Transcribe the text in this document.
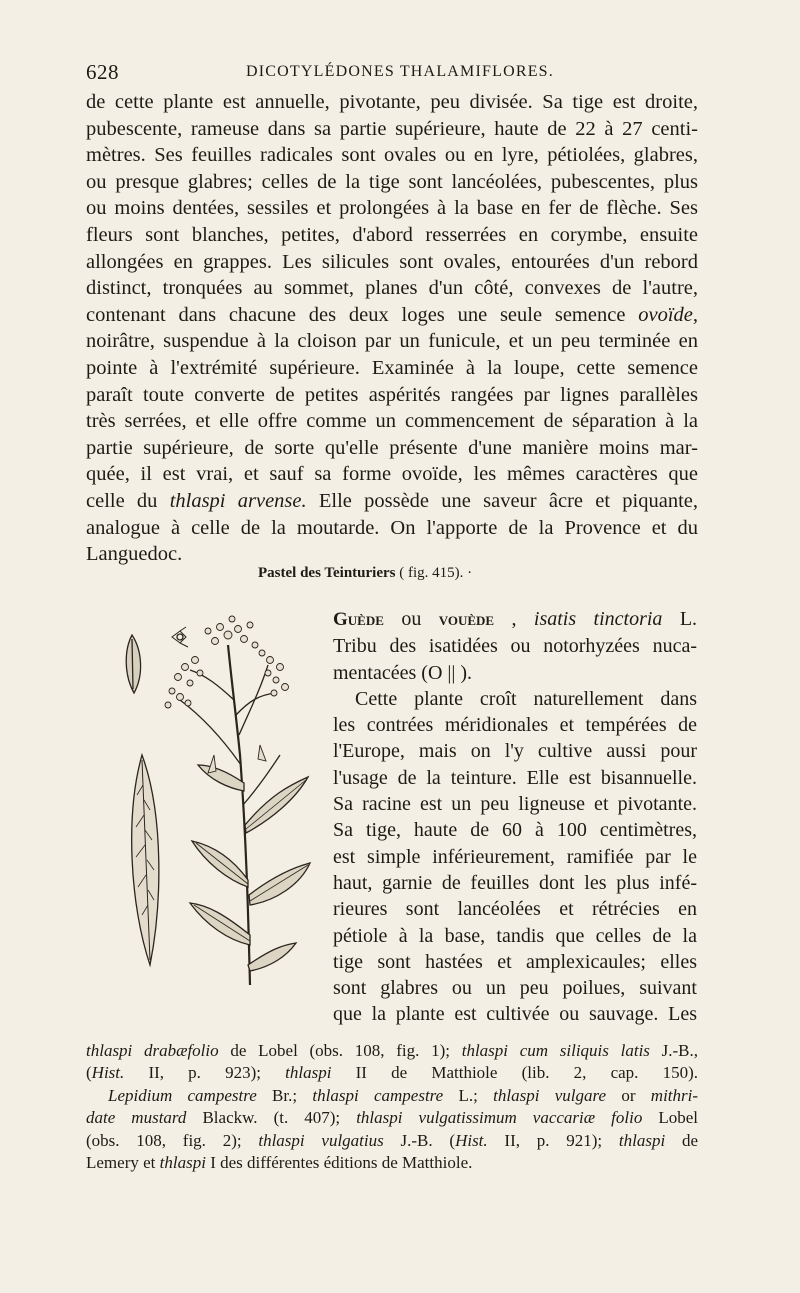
628	DICOTYLÉDONES THALAMIFLORES.
de cette plante est annuelle, pivotante, peu divisée. Sa tige est droite,
pubescente, rameuse dans sa partie supérieure, haute de 22 à 27 centi-
mètres. Ses feuilles radicales sont ovales ou en lyre, pétiolées, glabres,
ou presque glabres; celles de la tige sont lancéolées, pubescentes, plus
ou moins dentées, sessiles et prolongées à la base en fer de flèche. Ses
fleurs sont blanches, petites, d'abord resserrées en corymbe, ensuite
allongées en grappes. Les silicules sont ovales, entourées d'un rebord
distinct, tronquées au sommet, planes d'un côté, convexes de l'autre,
contenant dans chacune des deux loges une seule semence ovoïde,
noirâtre, suspendue à la cloison par un funicule, et un peu terminée en
pointe à l'extrémité supérieure. Examinée à la loupe, cette semence
paraît toute converte de petites aspérités rangées par lignes parallèles
très serrées, et elle offre comme un commencement de séparation à la
partie supérieure, de sorte qu'elle présente d'une manière moins mar-
quée, il est vrai, et sauf sa forme ovoïde, les mêmes caractères que
celle du thlaspi arvense. Elle possède une saveur âcre et piquante,
analogue à celle de la moutarde. On l'apporte de la Provence et du
Languedoc.
Pastel des Teinturiers ( fig. 415). ·
Guède ou vouède , isatis tinctoria L.
Tribu des isatidées ou notorhyzées nuca-
mentacées (O || ).
Cette plante croît naturellement dans
les contrées méridionales et tempérées de
l'Europe, mais on l'y cultive aussi pour
l'usage de la teinture. Elle est bisannuelle.
Sa racine est un peu ligneuse et pivotante.
Sa tige, haute de 60 à 100 centimètres,
est simple inférieurement, ramifiée par le
haut, garnie de feuilles dont les plus infé-
rieures sont lancéolées et rétrécies en
pétiole à la base, tandis que celles de la
tige sont hastées et amplexicaules; elles
sont glabres ou un peu poilues, suivant
que la plante est cultivée ou sauvage. Les
thlaspi drabæfolio de Lobel (obs. 108, fig. 1); thlaspi cum siliquis latis J.-B.,
(Hist. II, p. 923); thlaspi II de Matthiole (lib. 2, cap. 150).
Lepidium campestre Br.; thlaspi campestre L.; thlaspi vulgare or mithri-
date mustard Blackw. (t. 407); thlaspi vulgatissimum vaccariæ folio Lobel
(obs. 108, fig. 2); thlaspi vulgatius J.-B. (Hist. II, p. 921); thlaspi de
Lemery et thlaspi I des différentes éditions de Matthiole.
